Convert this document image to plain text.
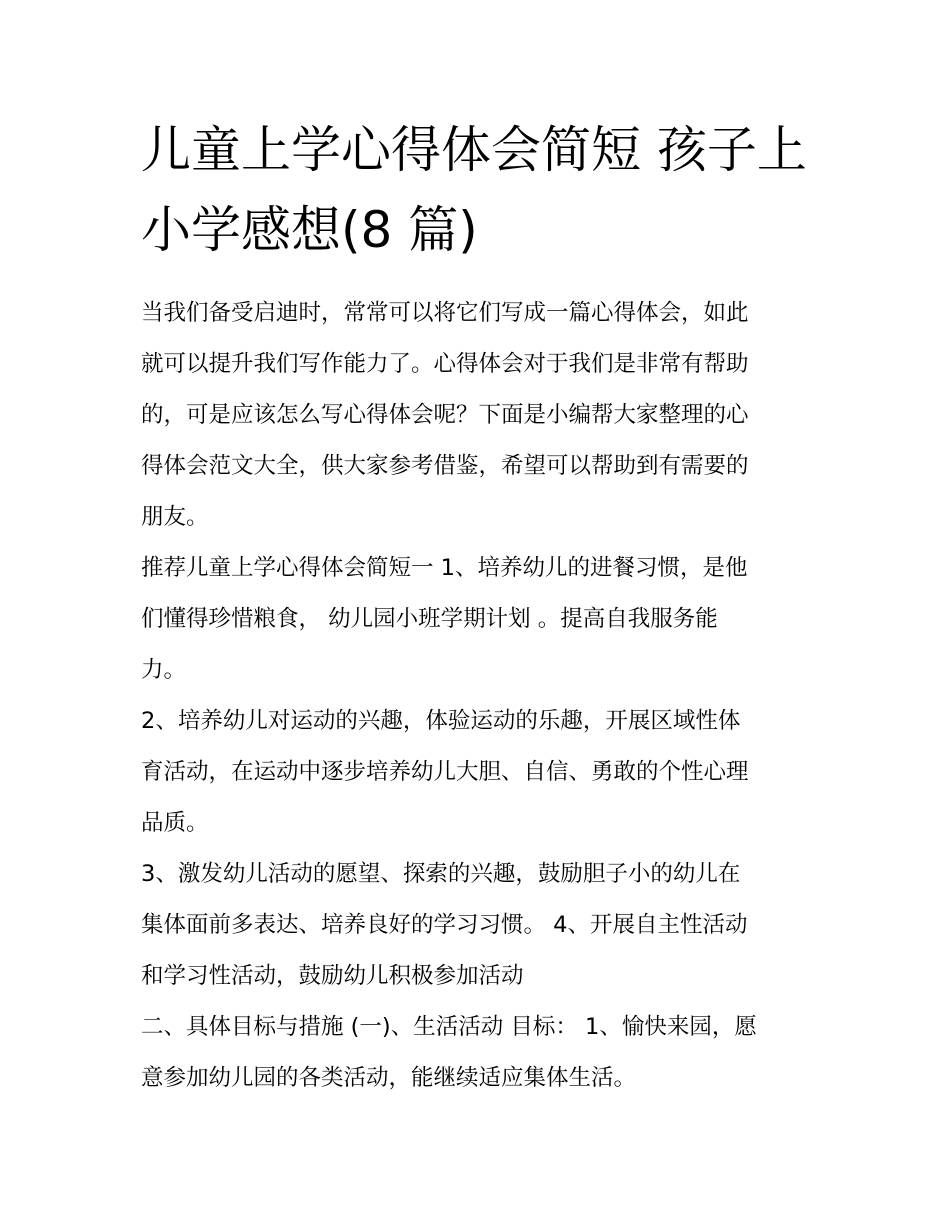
儿童上学心得体会简短 孩子上
小学感想(8 篇)

当我们备受启迪时，常常可以将它们写成一篇心得体会，如此
就可以提升我们写作能力了。心得体会对于我们是非常有帮助
的，可是应该怎么写心得体会呢？下面是小编帮大家整理的心
得体会范文大全，供大家参考借鉴，希望可以帮助到有需要的
朋友。

推荐儿童上学心得体会简短一 1、培养幼儿的进餐习惯，是他
们懂得珍惜粮食， 幼儿园小班学期计划 。提高自我服务能
力。

2、培养幼儿对运动的兴趣，体验运动的乐趣，开展区域性体
育活动，在运动中逐步培养幼儿大胆、自信、勇敢的个性心理
品质。

3、激发幼儿活动的愿望、探索的兴趣，鼓励胆子小的幼儿在
集体面前多表达、培养良好的学习习惯。 4、开展自主性活动
和学习性活动，鼓励幼儿积极参加活动

二、具体目标与措施 (一)、生活活动 目标： 1、愉快来园，愿
意参加幼儿园的各类活动，能继续适应集体生活。
